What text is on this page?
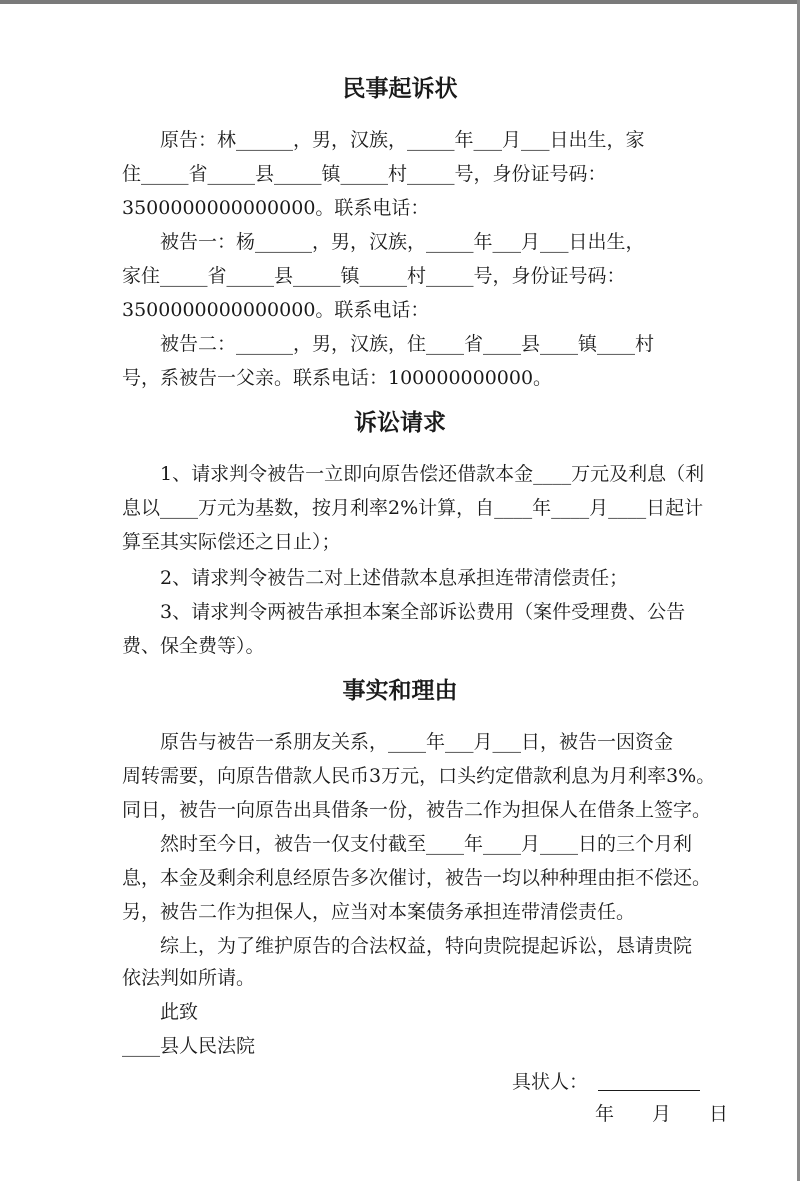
民事起诉状
　　原告：林______，男，汉族，_____年___月___日出生，家
住_____省_____县_____镇_____村_____号，身份证号码：
3500000000000000。联系电话：
　　被告一：杨______，男，汉族，_____年___月___日出生，
家住_____省_____县_____镇_____村_____号，身份证号码：
3500000000000000。联系电话：
　　被告二：______，男，汉族，住____省____县____镇____村
号，系被告一父亲。联系电话：100000000000。
诉讼请求
　　1、请求判令被告一立即向原告偿还借款本金____万元及利息（利
息以____万元为基数，按月利率2%计算，自____年____月____日起计
算至其实际偿还之日止）；
　　2、请求判令被告二对上述借款本息承担连带清偿责任；
　　3、请求判令两被告承担本案全部诉讼费用（案件受理费、公告
费、保全费等）。
事实和理由
　　原告与被告一系朋友关系，____年___月___日，被告一因资金
周转需要，向原告借款人民币3万元，口头约定借款利息为月利率3%。
同日，被告一向原告出具借条一份，被告二作为担保人在借条上签字。
　　然时至今日，被告一仅支付截至____年____月____日的三个月利
息，本金及剩余利息经原告多次催讨，被告一均以种种理由拒不偿还。
另，被告二作为担保人，应当对本案债务承担连带清偿责任。
　　综上，为了维护原告的合法权益，特向贵院提起诉讼，恳请贵院
依法判如所请。
　　此致
____县人民法院
具状人：
年　　月　　日
